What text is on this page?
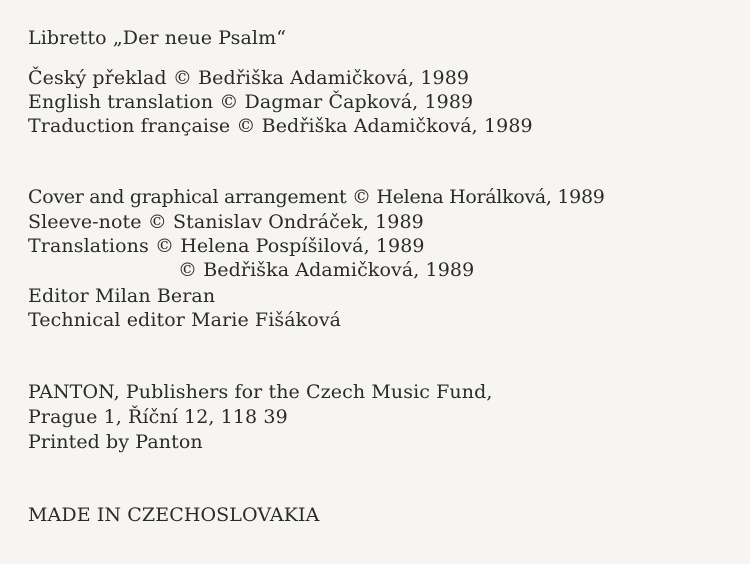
Libretto „Der neue Psalm“
Český překlad © Bedřiška Adamičková, 1989
English translation © Dagmar Čapková, 1989
Traduction française © Bedřiška Adamičková, 1989
Cover and graphical arrangement © Helena Horálková, 1989
Sleeve-note © Stanislav Ondráček, 1989
Translations © Helena Pospíšilová, 1989
© Bedřiška Adamičková, 1989
Editor Milan Beran
Technical editor Marie Fišáková
PANTON, Publishers for the Czech Music Fund,
Prague 1, Říční 12, 118 39
Printed by Panton
MADE IN CZECHOSLOVAKIA
